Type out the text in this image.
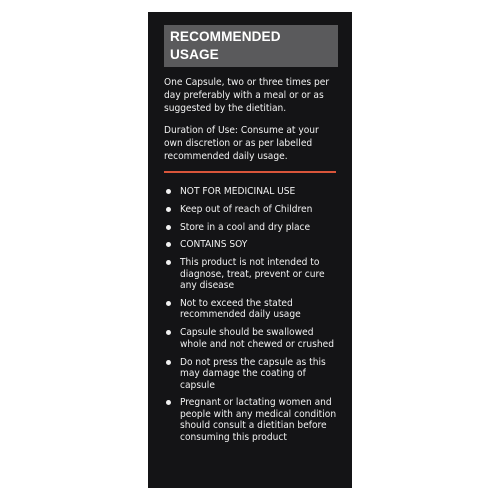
RECOMMENDED USAGE

One Capsule, two or three times per day preferably with a meal or or as suggested by the dietitian.

Duration of Use: Consume at your own discretion or as per labelled recommended daily usage.

NOT FOR MEDICINAL USE
Keep out of reach of Children
Store in a cool and dry place
CONTAINS SOY
This product is not intended to diagnose, treat, prevent or cure any disease
Not to exceed the stated recommended daily usage
Capsule should be swallowed whole and not chewed or crushed
Do not press the capsule as this may damage the coating of capsule
Pregnant or lactating women and people with any medical condition should consult a dietitian before consuming this product
